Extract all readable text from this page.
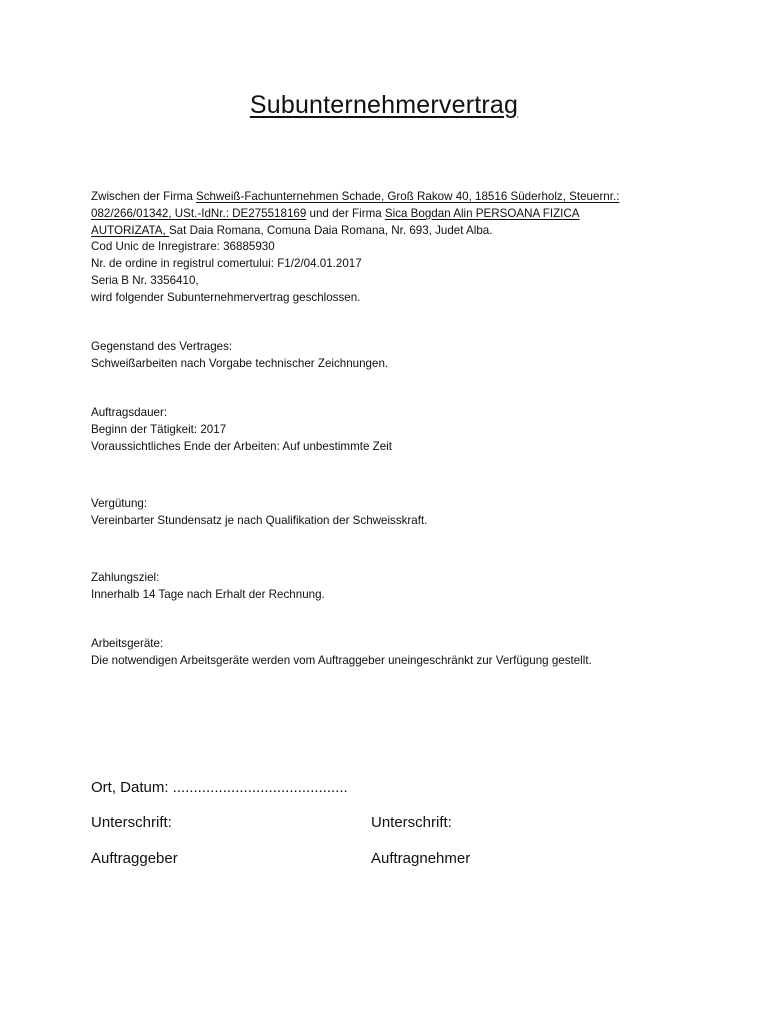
Subunternehmervertrag
Zwischen der Firma Schweiß-Fachunternehmen Schade, Groß Rakow 40, 18516 Süderholz, Steuernr.:
082/266/01342, USt.-IdNr.: DE275518169 und der Firma Sica Bogdan Alin PERSOANA FIZICA
AUTORIZATA, Sat Daia Romana, Comuna Daia Romana, Nr. 693, Judet Alba.
Cod Unic de Inregistrare: 36885930
Nr. de ordine in registrul comertului: F1/2/04.01.2017
Seria B Nr. 3356410,
wird folgender Subunternehmervertrag geschlossen.
Gegenstand des Vertrages:
Schweißarbeiten nach Vorgabe technischer Zeichnungen.
Auftragsdauer:
Beginn der Tätigkeit: 2017
Voraussichtliches Ende der Arbeiten: Auf unbestimmte Zeit
Vergütung:
Vereinbarter Stundensatz je nach Qualifikation der Schweisskraft.
Zahlungsziel:
Innerhalb 14 Tage nach Erhalt der Rechnung.
Arbeitsgeräte:
Die notwendigen Arbeitsgeräte werden vom Auftraggeber uneingeschränkt zur Verfügung gestellt.
Ort, Datum: ..........................................
Unterschrift:	Unterschrift:
Auftraggeber	Auftragnehmer
